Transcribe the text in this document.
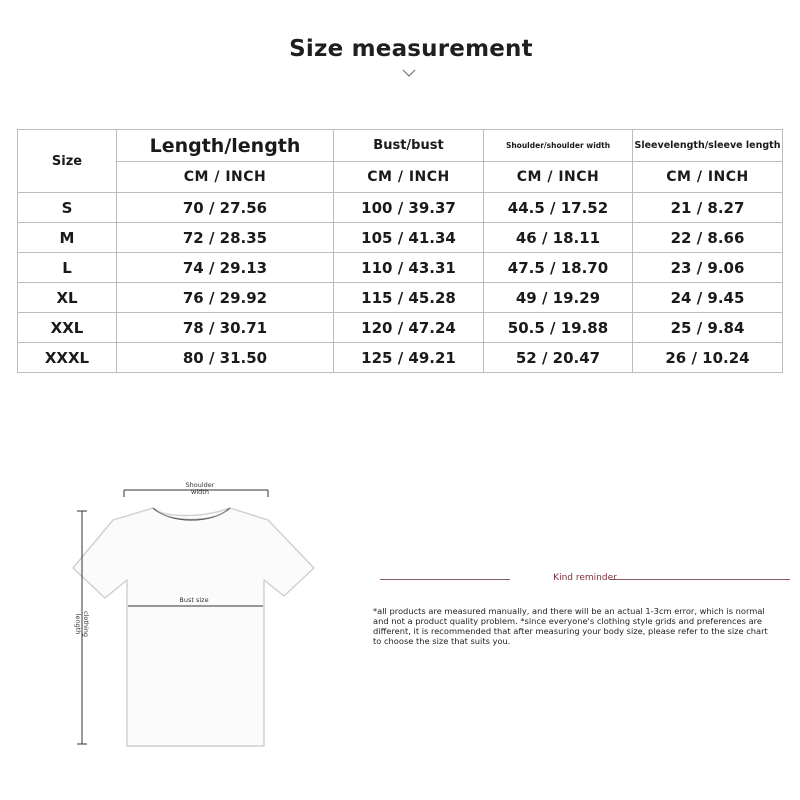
Size measurement
Size	Length/length	Bust/bust	Shoulder/shoulder width	Sleevelength/sleeve length
	CM / INCH	CM / INCH	CM / INCH	CM / INCH
S	70 / 27.56	100 / 39.37	44.5 / 17.52	21 / 8.27
M	72 / 28.35	105 / 41.34	46 / 18.11	22 / 8.66
L	74 / 29.13	110 / 43.31	47.5 / 18.70	23 / 9.06
XL	76 / 29.92	115 / 45.28	49 / 19.29	24 / 9.45
XXL	78 / 30.71	120 / 47.24	50.5 / 19.88	25 / 9.84
XXXL	80 / 31.50	125 / 49.21	52 / 20.47	26 / 10.24
Shoulder
width
Bust size
clothing
length
Kind reminder
*all products are measured manually, and there will be an actual 1-3cm error, which is normal and not a product quality problem. *since everyone's clothing style grids and preferences are different, it is recommended that after measuring your body size, please refer to the size chart to choose the size that suits you.
